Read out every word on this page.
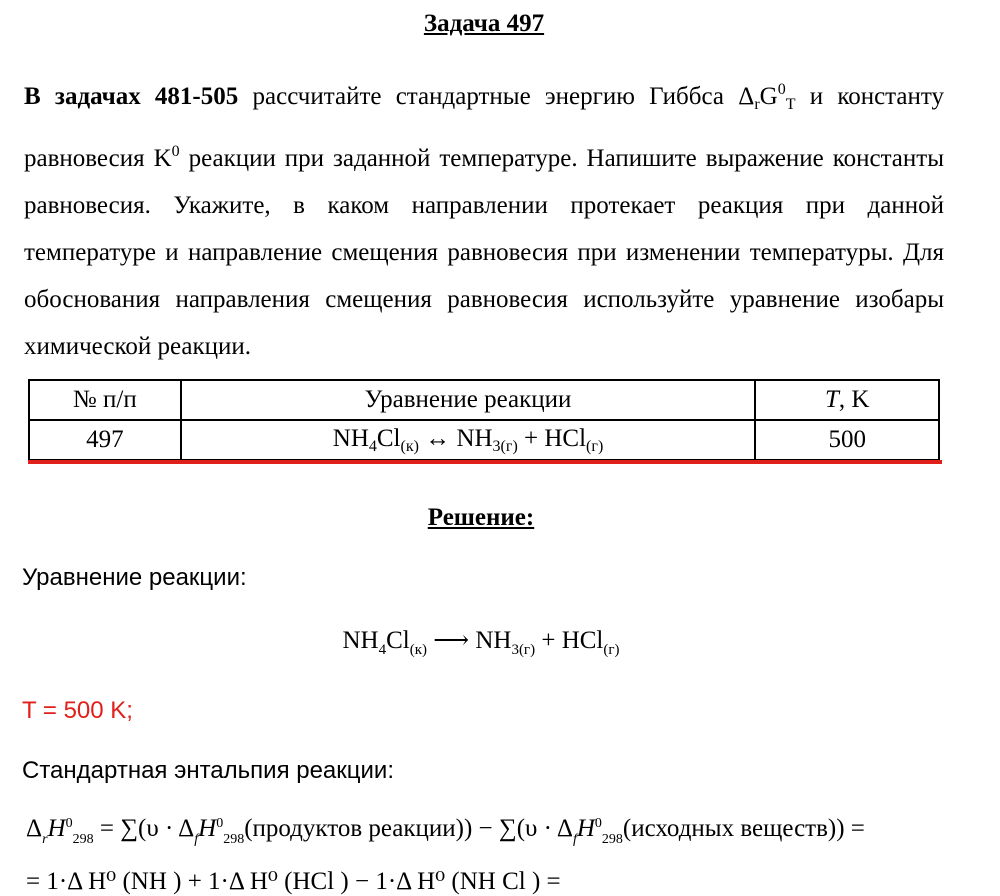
Задача 497
В задачах 481-505 рассчитайте стандартные энергию Гиббса $\Delta_rG^0_T$ и константу равновесия $K^0$ реакции при заданной температуре. Напишите выражение константы равновесия. Укажите, в каком направлении протекает реакция при данной температуре и направление смещения равновесия при изменении температуры. Для обоснования направления смещения равновесия используйте уравнение изобары химической реакции.
№ п/п	Уравнение реакции	T, K
497	$NH_4Cl_{(к)}$ ↔ $NH_{3(г)} + HCl_{(г)}$	500
Решение:
Уравнение реакции:
$NH_4Cl_{(к)}$ ⟶ $NH_{3(г)} + HCl_{(г)}$
T = 500 K;
Стандартная энтальпия реакции:
$\Delta_rH^0_{298} = \sum(\upsilon$ · $\Delta_fH^0_{298}(продуктов$ реакции)) − $\sum(\upsilon \cdot \Delta_fH^0_{298}(исходных$ веществ)) =
= 1·Δ H⁰ (NH ) + 1·Δ H⁰ (HCl ) − 1·Δ H⁰ (NH Cl ) =
